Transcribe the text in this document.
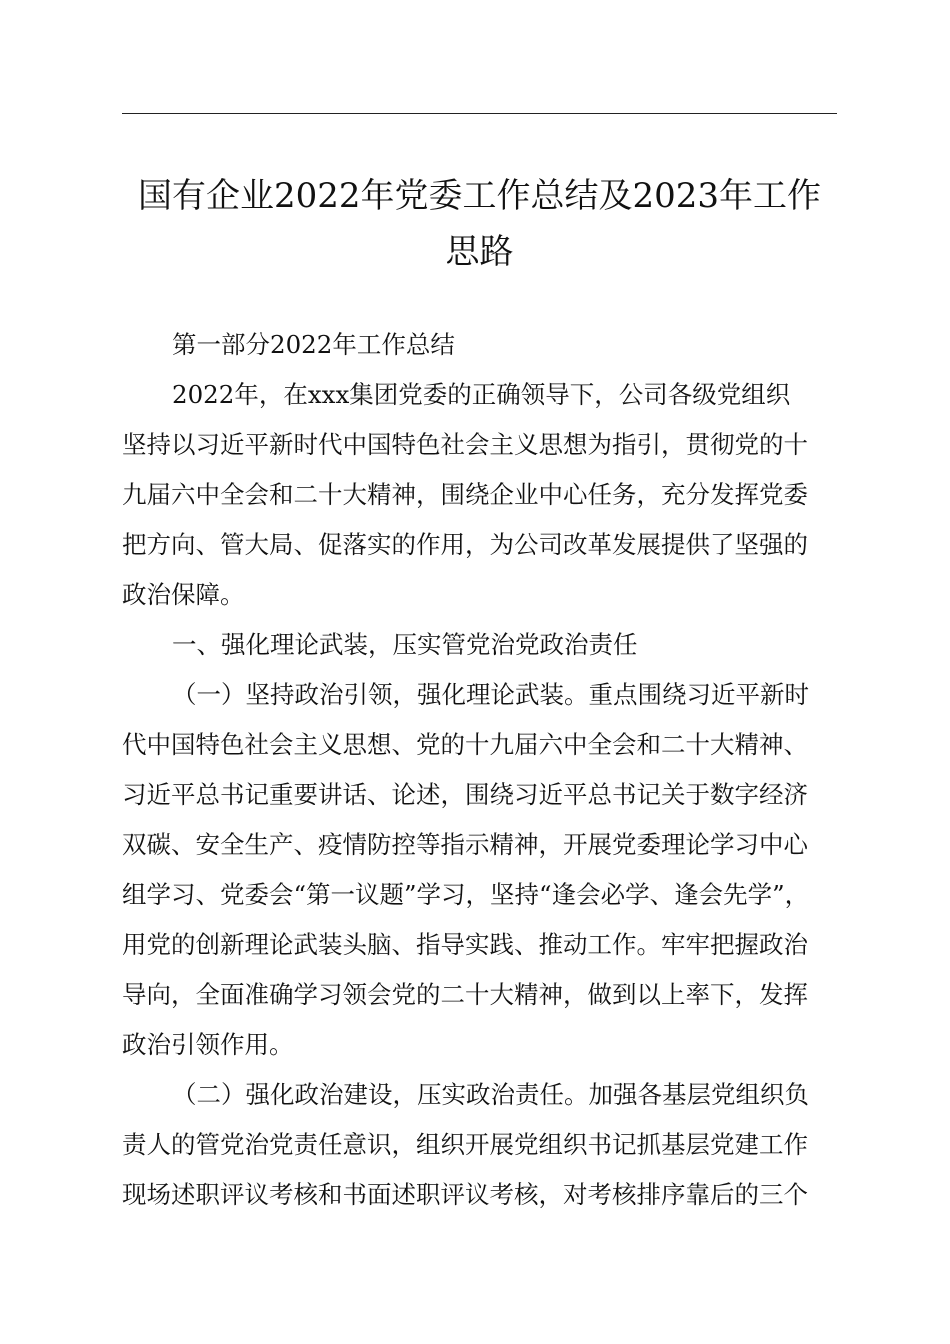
国有企业2022年党委工作总结及2023年工作
思路
第一部分2022年工作总结
2022年，在xxx集团党委的正确领导下，公司各级党组织
坚持以习近平新时代中国特色社会主义思想为指引，贯彻党的十
九届六中全会和二十大精神，围绕企业中心任务，充分发挥党委
把方向、管大局、促落实的作用，为公司改革发展提供了坚强的
政治保障。
一、强化理论武装，压实管党治党政治责任
（一）坚持政治引领，强化理论武装。重点围绕习近平新时
代中国特色社会主义思想、党的十九届六中全会和二十大精神、
习近平总书记重要讲话、论述，围绕习近平总书记关于数字经济
双碳、安全生产、疫情防控等指示精神，开展党委理论学习中心
组学习、党委会“第一议题”学习，坚持“逢会必学、逢会先学”，
用党的创新理论武装头脑、指导实践、推动工作。牢牢把握政治
导向，全面准确学习领会党的二十大精神，做到以上率下，发挥
政治引领作用。
（二）强化政治建设，压实政治责任。加强各基层党组织负
责人的管党治党责任意识，组织开展党组织书记抓基层党建工作
现场述职评议考核和书面述职评议考核，对考核排序靠后的三个
